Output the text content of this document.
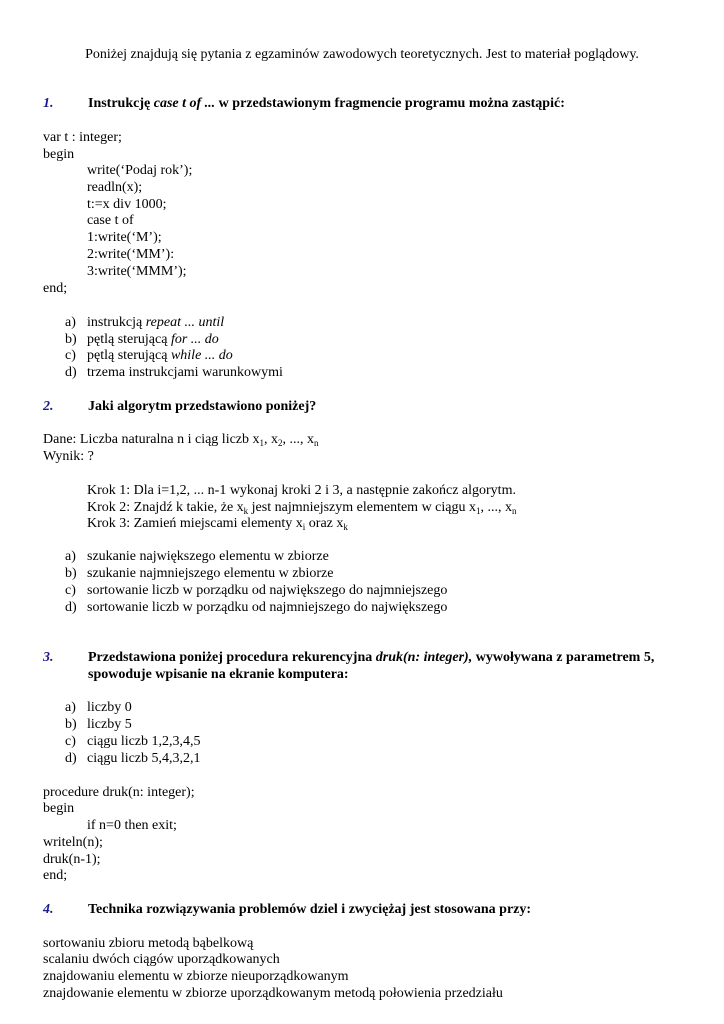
Poniżej znajdują się pytania z egzaminów zawodowych teoretycznych. Jest to materiał poglądowy.
1. Instrukcję case t of ... w przedstawionym fragmencie programu można zastąpić:
var t : integer;
begin
write(‘Podaj rok’);
readln(x);
t:=x div 1000;
case t of
1:write(‘M’);
2:write(‘MM’):
3:write(‘MMM’);
end;
a) instrukcją repeat ... until
b) pętlą sterującą for ... do
c) pętlą sterującą while ... do
d) trzema instrukcjami warunkowymi
2. Jaki algorytm przedstawiono poniżej?
Dane: Liczba naturalna n i ciąg liczb $x_1$, $x_2$, ..., $x_n$
Wynik: ?
Krok 1: Dla i=1,2, ... n-1 wykonaj kroki 2 i 3, a następnie zakończ algorytm.
Krok 2: Znajdź k takie, że $x_k$ jest najmniejszym elementem w ciągu $x_1$, ..., $x_n$
Krok 3: Zamień miejscami elementy $x_i$ oraz $x_k$
a) szukanie największego elementu w zbiorze
b) szukanie najmniejszego elementu w zbiorze
c) sortowanie liczb w porządku od największego do najmniejszego
d) sortowanie liczb w porządku od najmniejszego do największego
3. Przedstawiona poniżej procedura rekurencyjna druk(n: integer), wywoływana z parametrem 5, spowoduje wpisanie na ekranie komputera:
a) liczby 0
b) liczby 5
c) ciągu liczb 1,2,3,4,5
d) ciągu liczb 5,4,3,2,1
procedure druk(n: integer);
begin
if n=0 then exit;
writeln(n);
druk(n-1);
end;
4. Technika rozwiązywania problemów dziel i zwyciężaj jest stosowana przy:
sortowaniu zbioru metodą bąbelkową
scalaniu dwóch ciągów uporządkowanych
znajdowaniu elementu w zbiorze nieuporządkowanym
znajdowanie elementu w zbiorze uporządkowanym metodą połowienia przedziału
